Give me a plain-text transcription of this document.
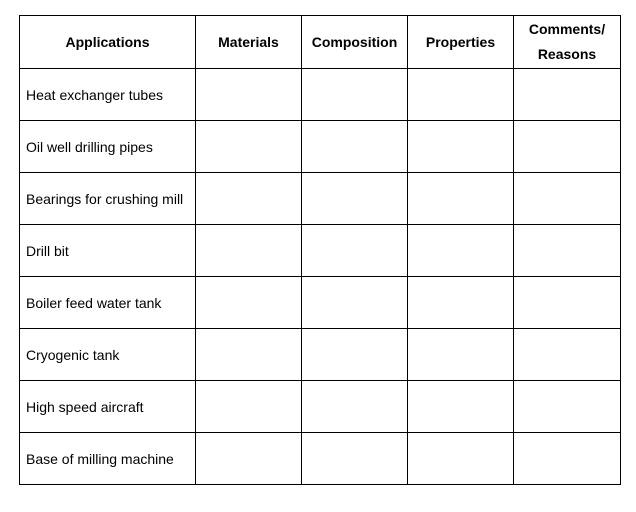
Applications	Materials	Composition	Properties	Comments/
Reasons

Heat exchanger tubes				
Oil well drilling pipes				
Bearings for crushing mill				
Drill bit				
Boiler feed water tank				
Cryogenic tank				
High speed aircraft				
Base of milling machine				
